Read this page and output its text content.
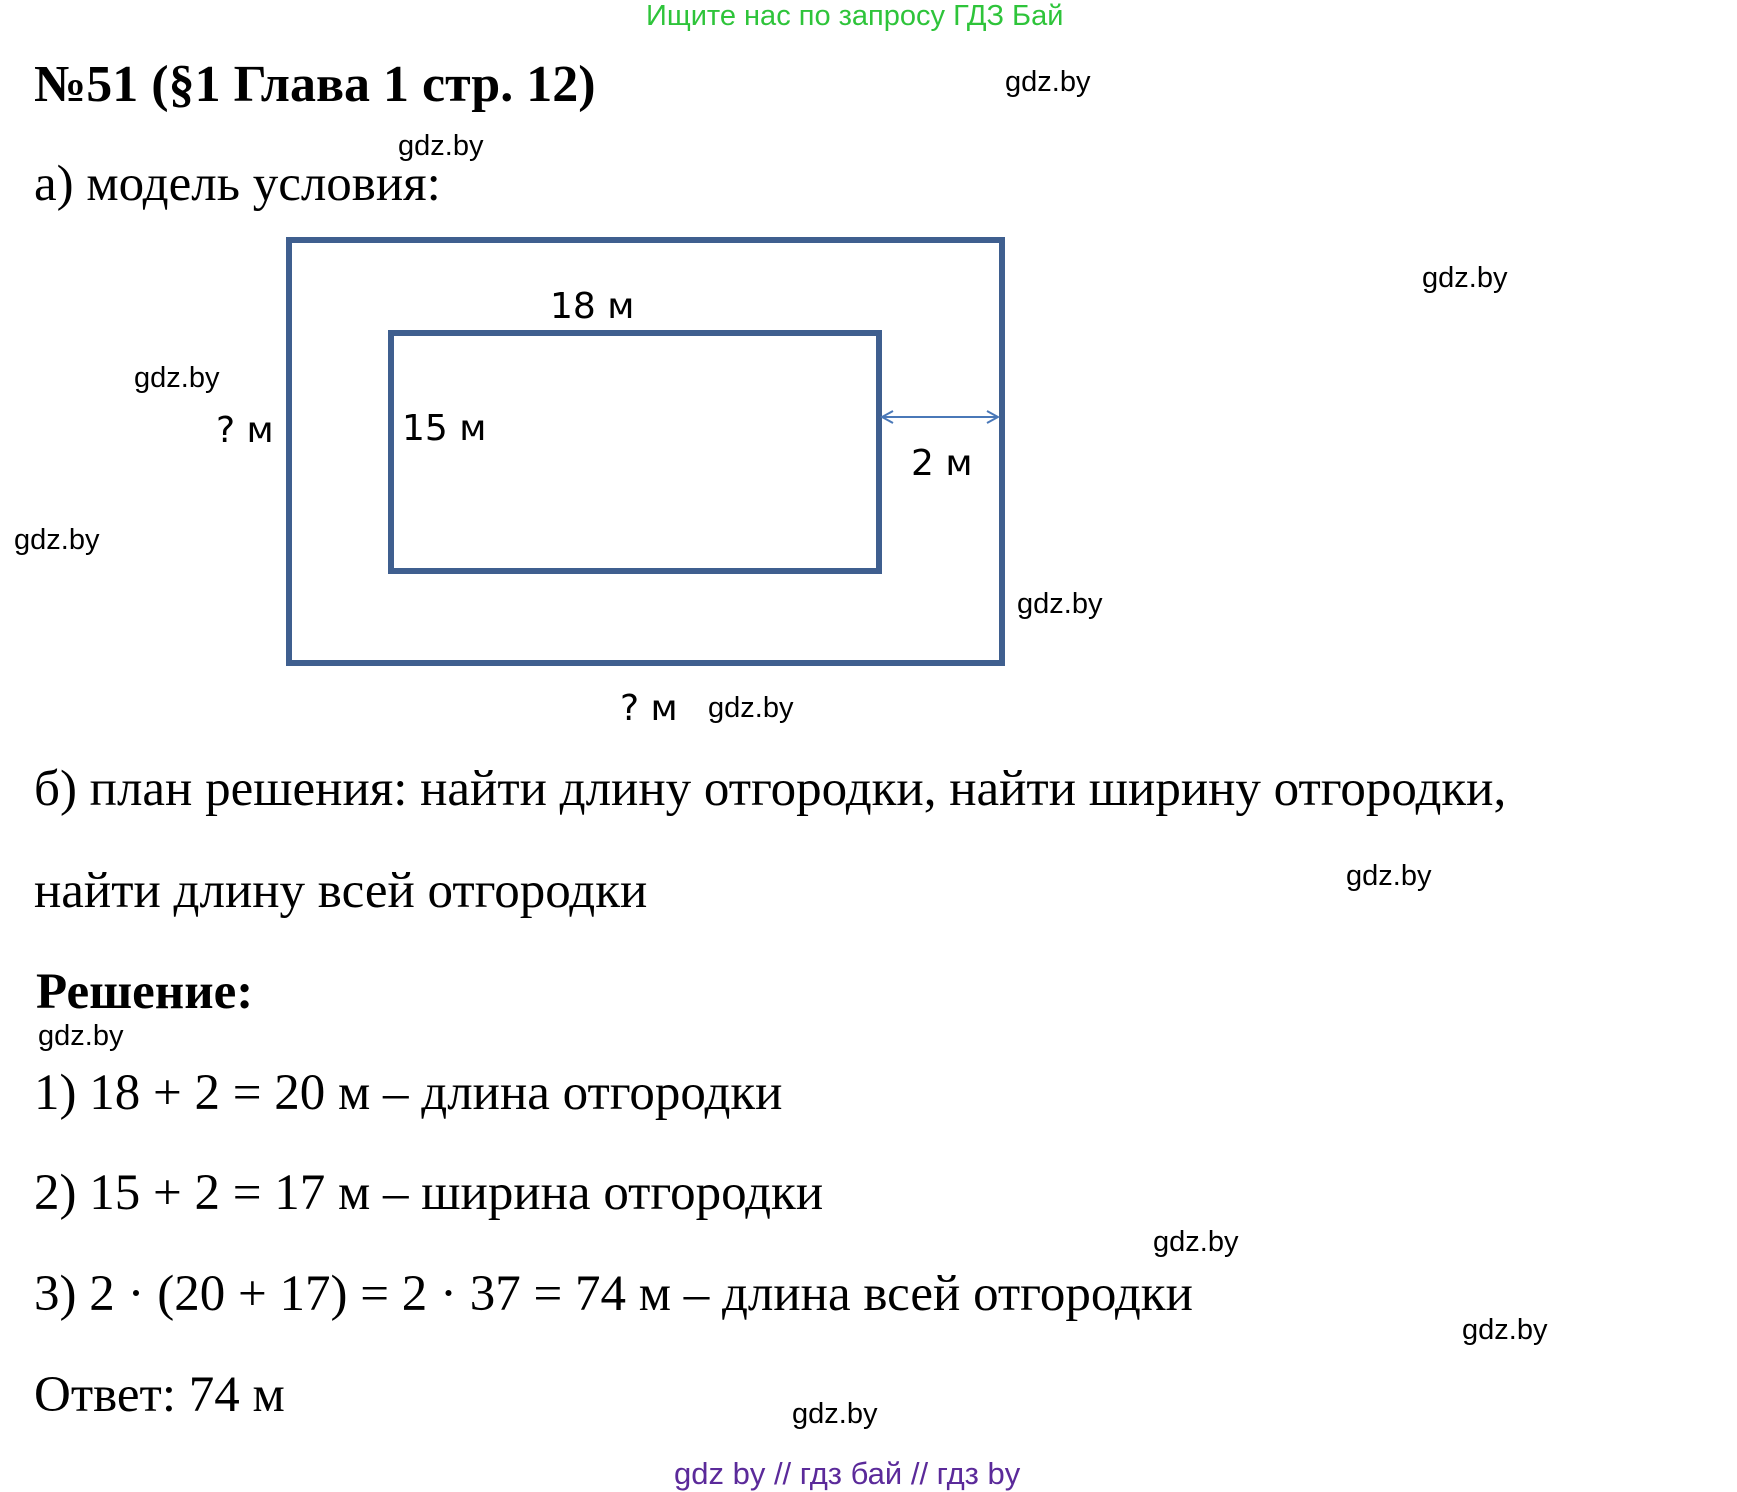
Ищите нас по запросу ГДЗ Бай
№51 (§1 Глава 1 стр. 12)
а) модель условия:
18 м
15 м
2 м
? м
? м
б) план решения: найти длину отгородки, найти ширину отгородки,
найти длину всей отгородки
Решение:
1) 18 + 2 = 20 м – длина отгородки
2) 15 + 2 = 17 м – ширина отгородки
3) 2 · (20 + 17) = 2 · 37 = 74 м – длина всей отгородки
Ответ: 74 м
gdz.by
gdz.by
gdz.by
gdz.by
gdz.by
gdz.by
gdz.by
gdz.by
gdz.by
gdz.by
gdz.by
gdz.by
gdz by // гдз бай // гдз by
